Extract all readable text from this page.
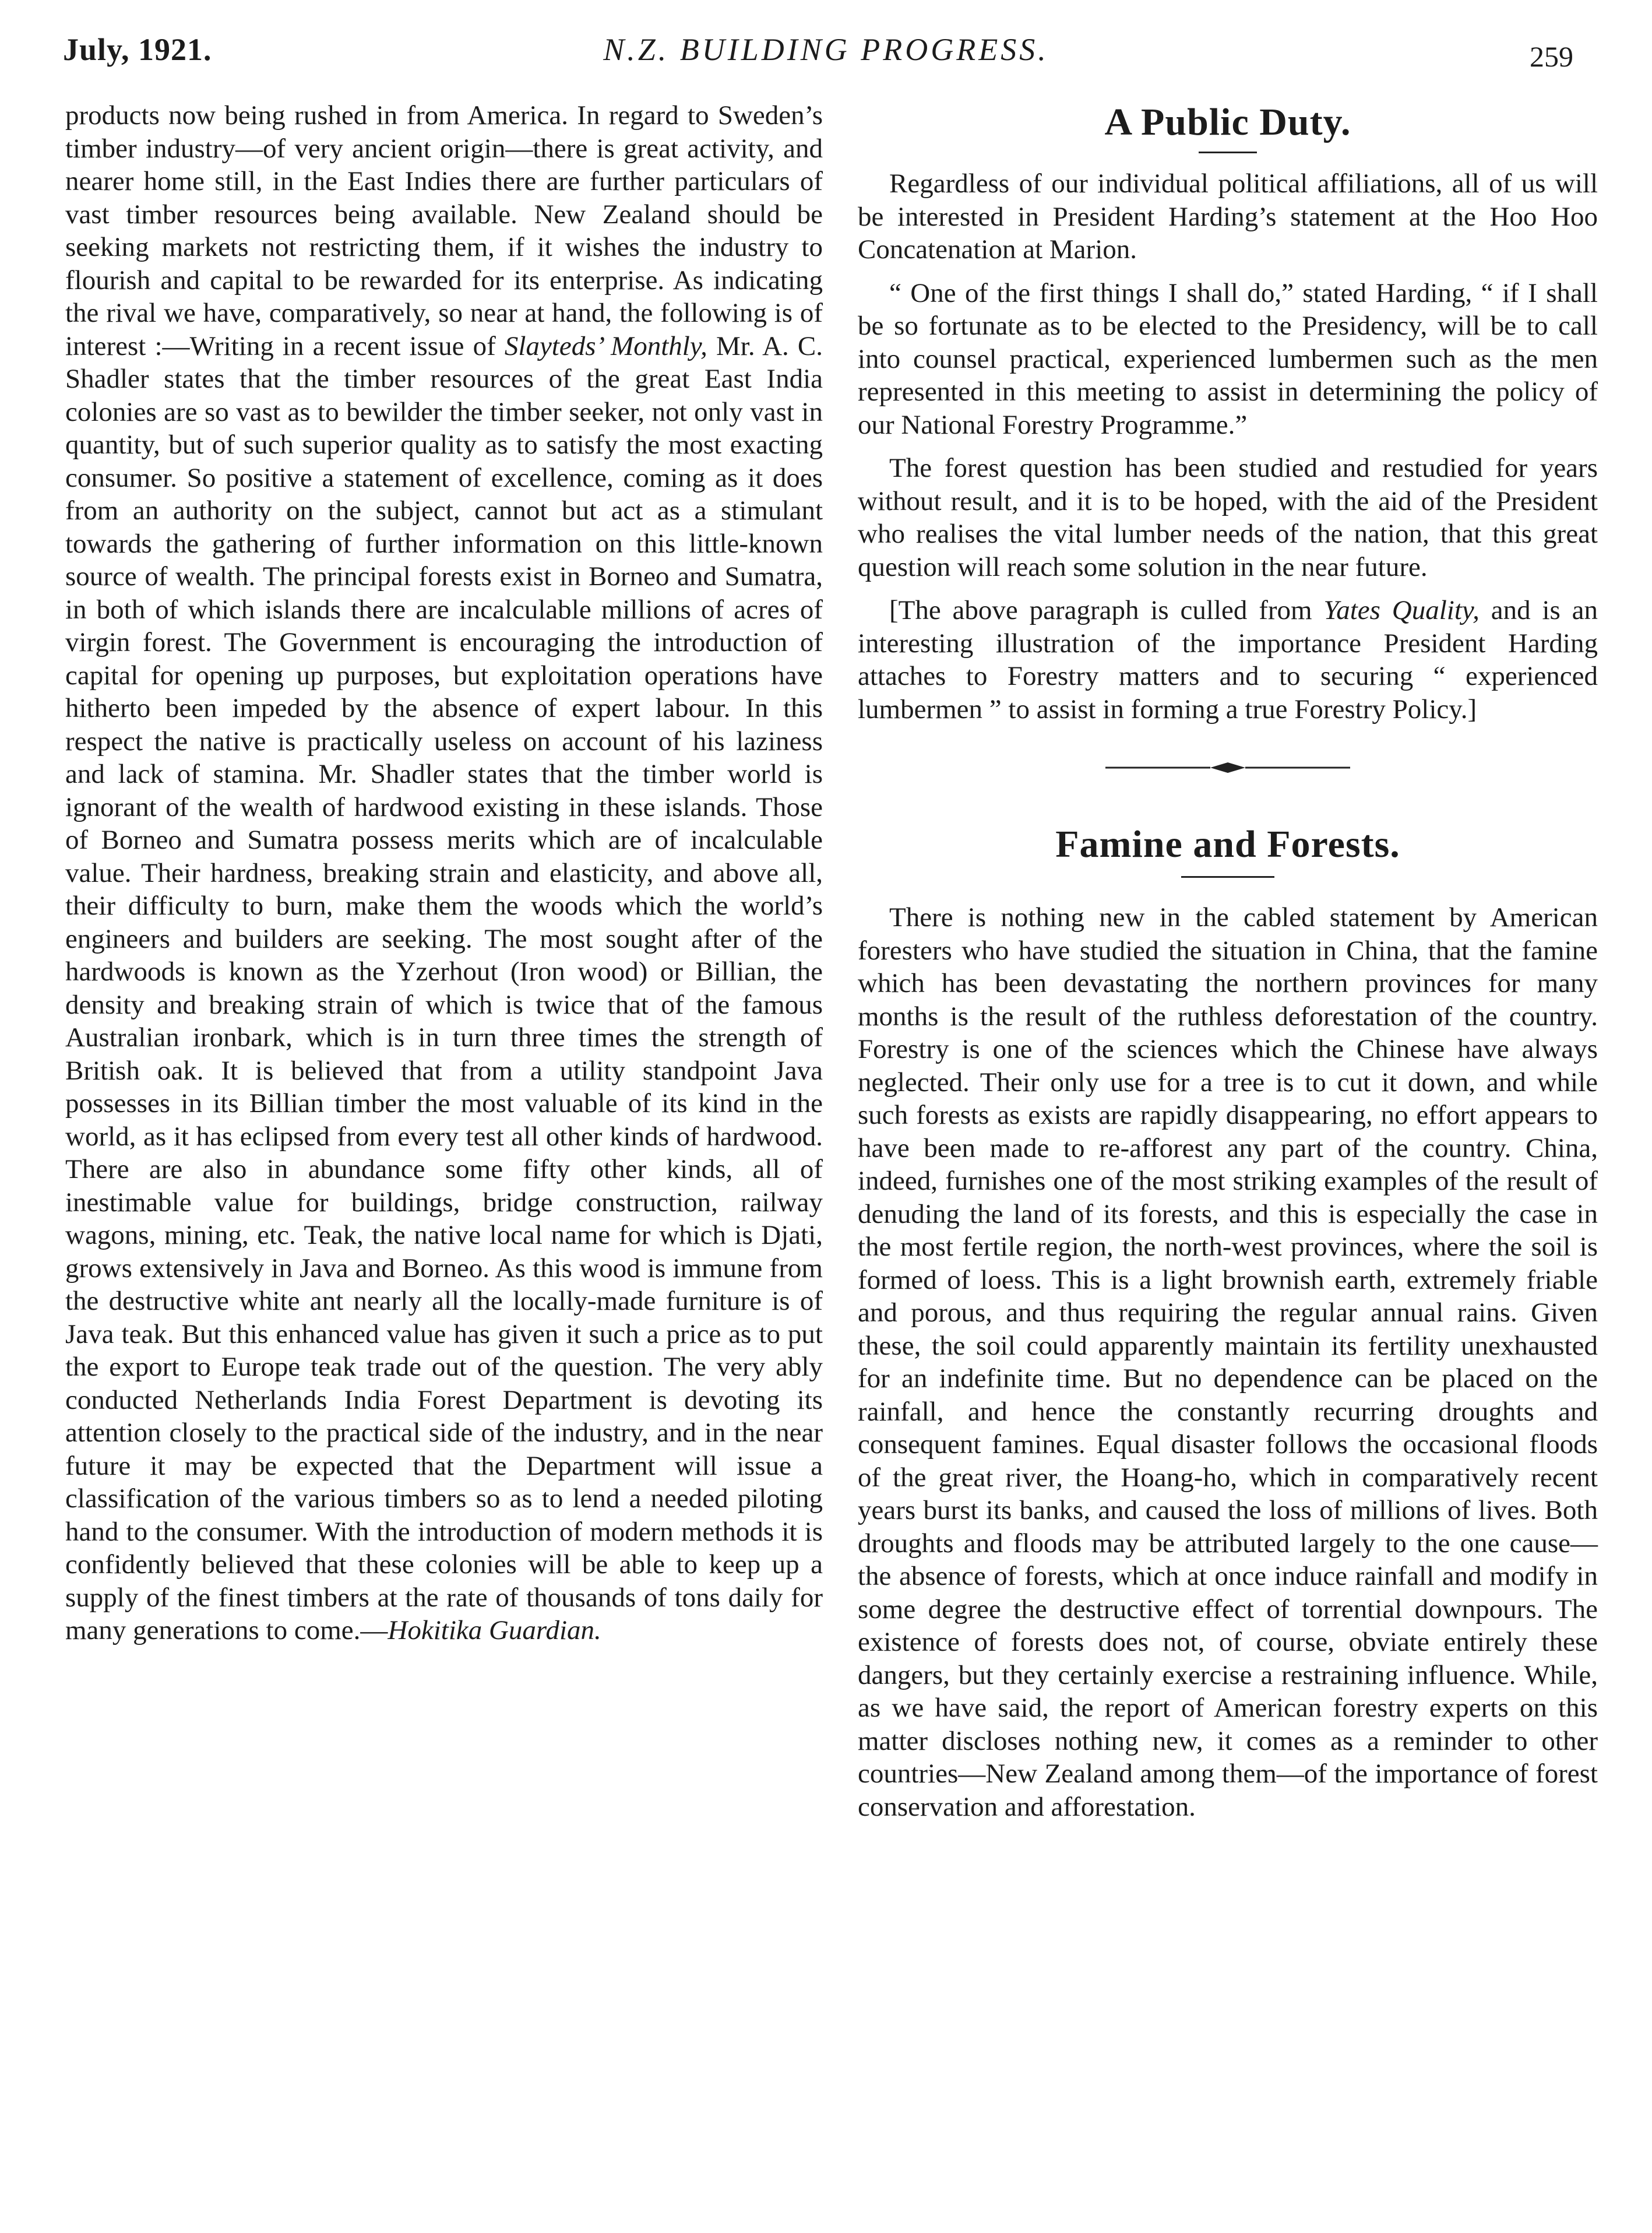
July, 1921.	N.Z. BUILDING PROGRESS.	259

products now being rushed in from America. In regard to Sweden’s timber industry—of very ancient origin—there is great activity, and nearer home still, in the East Indies there are further particulars of vast timber resources being available. New Zealand should be seeking markets not restricting them, if it wishes the industry to flourish and capital to be rewarded for its enterprise. As indicating the rival we have, comparatively, so near at hand, the following is of interest :—Writing in a recent issue of Slayteds’ Monthly, Mr. A. C. Shadler states that the timber resources of the great East India colonies are so vast as to bewilder the timber seeker, not only vast in quantity, but of such superior quality as to satisfy the most exacting consumer. So positive a statement of excellence, coming as it does from an authority on the subject, cannot but act as a stimulant towards the gathering of further information on this little-known source of wealth. The principal forests exist in Borneo and Sumatra, in both of which islands there are incalculable millions of acres of virgin forest. The Government is encouraging the introduction of capital for opening up purposes, but exploitation operations have hitherto been impeded by the absence of expert labour. In this respect the native is practically useless on account of his laziness and lack of stamina. Mr. Shadler states that the timber world is ignorant of the wealth of hardwood existing in these islands. Those of Borneo and Sumatra possess merits which are of incalculable value. Their hardness, breaking strain and elasticity, and above all, their difficulty to burn, make them the woods which the world’s engineers and builders are seeking. The most sought after of the hardwoods is known as the Yzerhout (Iron wood) or Billian, the density and breaking strain of which is twice that of the famous Australian ironbark, which is in turn three times the strength of British oak. It is believed that from a utility standpoint Java possesses in its Billian timber the most valuable of its kind in the world, as it has eclipsed from every test all other kinds of hardwood. There are also in abundance some fifty other kinds, all of inestimable value for buildings, bridge construction, railway wagons, mining, etc. Teak, the native local name for which is Djati, grows extensively in Java and Borneo. As this wood is immune from the destructive white ant nearly all the locally-made furniture is of Java teak. But this enhanced value has given it such a price as to put the export to Europe teak trade out of the question. The very ably conducted Netherlands India Forest Department is devoting its attention closely to the practical side of the industry, and in the near future it may be expected that the Department will issue a classification of the various timbers so as to lend a needed piloting hand to the consumer. With the introduction of modern methods it is confidently believed that these colonies will be able to keep up a supply of the finest timbers at the rate of thousands of tons daily for many generations to come.—Hokitika Guardian.

A Public Duty.

Regardless of our individual political affiliations, all of us will be interested in President Harding’s statement at the Hoo Hoo Concatenation at Marion.

“ One of the first things I shall do,” stated Harding, “ if I shall be so fortunate as to be elected to the Presidency, will be to call into counsel practical, experienced lumbermen such as the men represented in this meeting to assist in determining the policy of our National Forestry Programme.”

The forest question has been studied and restudied for years without result, and it is to be hoped, with the aid of the President who realises the vital lumber needs of the nation, that this great question will reach some solution in the near future.

[The above paragraph is culled from Yates Quality, and is an interesting illustration of the importance President Harding attaches to Forestry matters and to securing “ experienced lumbermen ” to assist in forming a true Forestry Policy.]

Famine and Forests.

There is nothing new in the cabled statement by American foresters who have studied the situation in China, that the famine which has been devastating the northern provinces for many months is the result of the ruthless deforestation of the country. Forestry is one of the sciences which the Chinese have always neglected. Their only use for a tree is to cut it down, and while such forests as exists are rapidly disappearing, no effort appears to have been made to re-afforest any part of the country. China, indeed, furnishes one of the most striking examples of the result of denuding the land of its forests, and this is especially the case in the most fertile region, the north-west provinces, where the soil is formed of loess. This is a light brownish earth, extremely friable and porous, and thus requiring the regular annual rains. Given these, the soil could apparently maintain its fertility unexhausted for an indefinite time. But no dependence can be placed on the rainfall, and hence the constantly recurring droughts and consequent famines. Equal disaster follows the occasional floods of the great river, the Hoang-ho, which in comparatively recent years burst its banks, and caused the loss of millions of lives. Both droughts and floods may be attributed largely to the one cause—the absence of forests, which at once induce rainfall and modify in some degree the destructive effect of torrential downpours. The existence of forests does not, of course, obviate entirely these dangers, but they certainly exercise a restraining influence. While, as we have said, the report of American forestry experts on this matter discloses nothing new, it comes as a reminder to other countries—New Zealand among them—of the importance of forest conservation and afforestation.
